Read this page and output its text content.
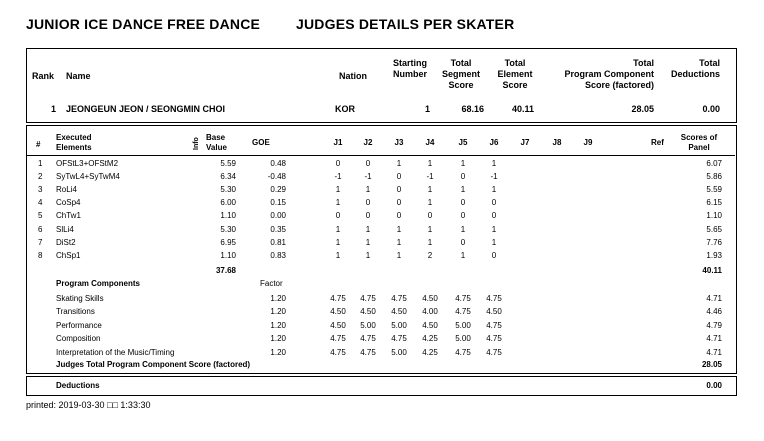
JUNIOR ICE DANCE FREE DANCE	JUDGES DETAILS PER SKATER
Rank Name	Nation
Starting
Number
Total
Segment
Score
Total
Element
Score
Total
Program Component
Score (factored)
Total
Deductions
1 JEONGEUN JEON / SEONGMIN CHOI	KOR	1	68.16	40.11	28.05	0.00
#
Executed
Elements	Info Base
Value
GOE	J1	J2	J3	J4	J5	J6	J7	J8	J9	Ref
Scores of
Panel
1 OFStL3+OFStM2	5.59	0.48	0	0	1	1	1	1	6.07
2 SyTwL4+SyTwM4	6.34	-0.48	-1	-1	0	-1	0	-1	5.86
3 RoLi4	5.30	0.29	1	1	0	1	1	1	5.59
4 CoSp4	6.00	0.15	1	0	0	1	0	0	6.15
5 ChTw1	1.10	0.00	0	0	0	0	0	0	1.10
6 SlLi4	5.30	0.35	1	1	1	1	1	1	5.65
7 DiSt2	6.95	0.81	1	1	1	1	0	1	7.76
8 ChSp1	1.10	0.83	1	1	1	2	1	0	1.93
37.68	40.11
Program Components	Factor
Skating Skills	1.20	4.75	4.75	4.75	4.50	4.75	4.75	4.71
Transitions	1.20	4.50	4.50	4.50	4.00	4.75	4.50	4.46
Performance	1.20	4.50	5.00	5.00	4.50	5.00	4.75	4.79
Composition	1.20	4.75	4.75	4.75	4.25	5.00	4.75	4.71
Interpretation of the Music/Timing	1.20	4.75	4.75	5.00	4.25	4.75	4.75	4.71
Judges Total Program Component Score (factored)	28.05
Deductions	0.00
printed: 2019-03-30 □□ 1:33:30
